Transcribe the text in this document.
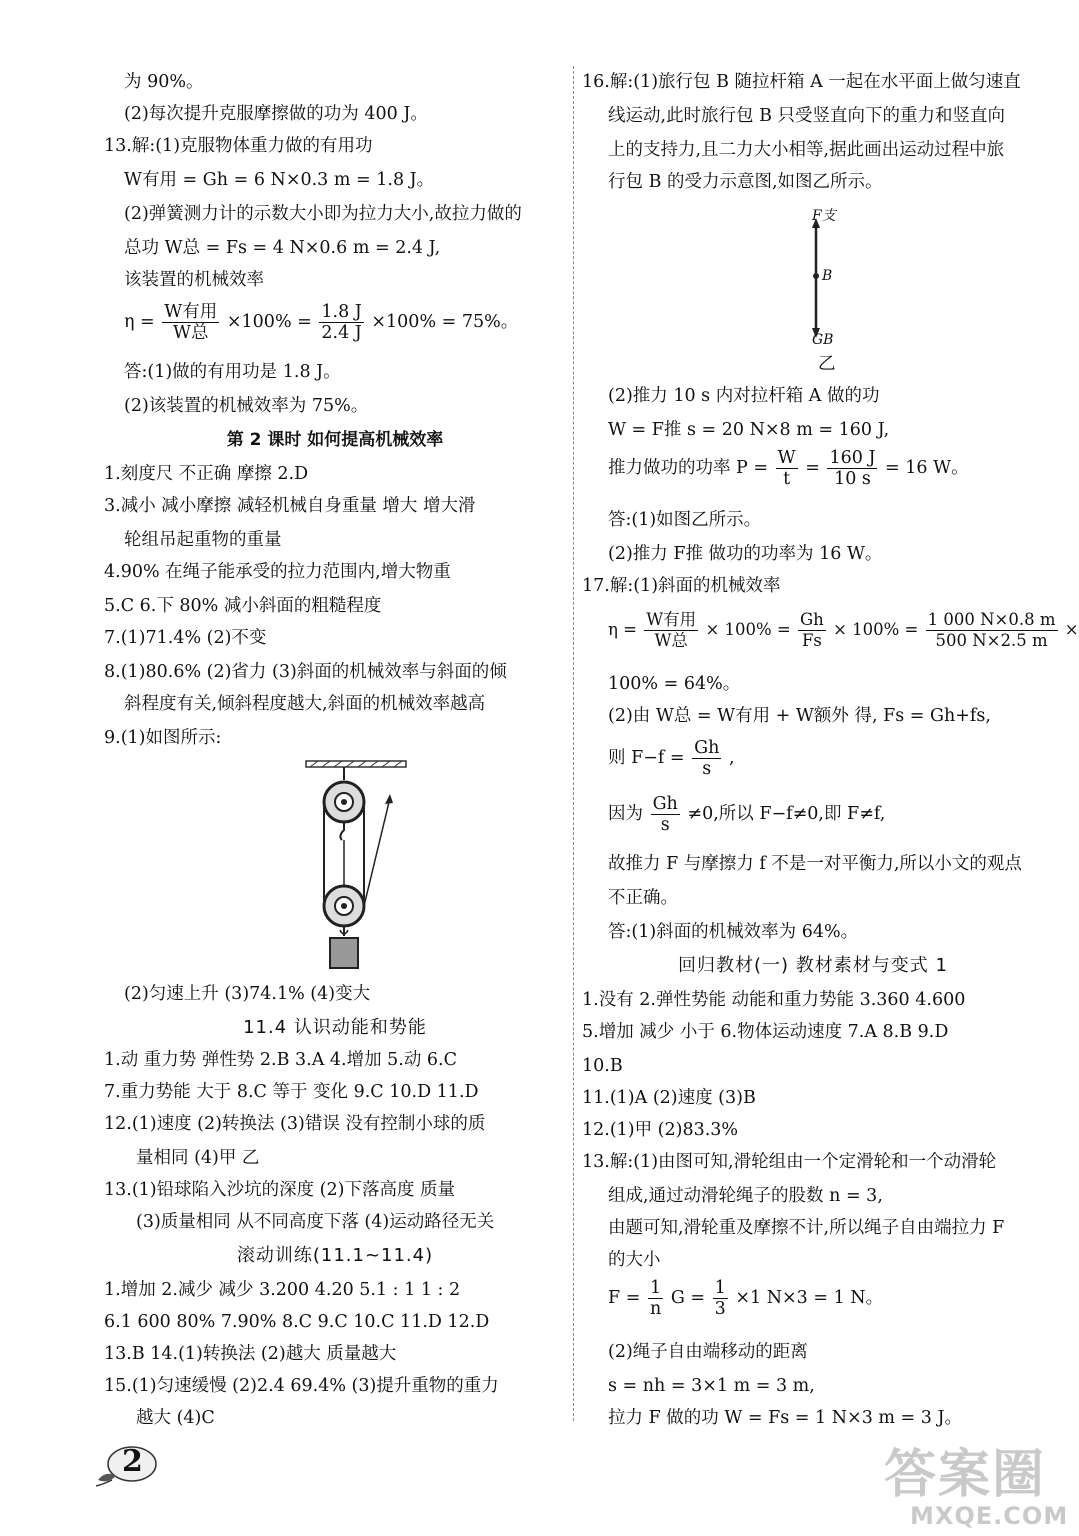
为 90%。
(2)每次提升克服摩擦做的功为 400 J。
13.解:(1)克服物体重力做的有用功
W有用 = Gh = 6 N×0.3 m = 1.8 J。
(2)弹簧测力计的示数大小即为拉力大小,故拉力做的
总功 W总 = Fs = 4 N×0.6 m = 2.4 J,
该装置的机械效率
$\eta = \frac{\text{W有用}}{\text{W总}} \times 100\% = \frac{1.8 J}{2.4 J} \times 100\% = 75\%$。
答:(1)做的有用功是 1.8 J。
(2)该装置的机械效率为 75%。
第 2 课时 如何提高机械效率
1.刻度尺 不正确 摩擦 2.D
3.减小 减小摩擦 减轻机械自身重量 增大 增大滑
轮组吊起重物的重量
4.90% 在绳子能承受的拉力范围内,增大物重
5.C 6.下 80% 减小斜面的粗糙程度
7.(1)71.4% (2)不变
8.(1)80.6% (2)省力 (3)斜面的机械效率与斜面的倾
斜程度有关,倾斜程度越大,斜面的机械效率越高
9.(1)如图所示:
(2)匀速上升 (3)74.1% (4)变大
11.4 认识动能和势能
1.动 重力势 弹性势 2.B 3.A 4.增加 5.动 6.C
7.重力势能 大于 8.C 等于 变化 9.C 10.D 11.D
12.(1)速度 (2)转换法 (3)错误 没有控制小球的质
量相同 (4)甲 乙
13.(1)铅球陷入沙坑的深度 (2)下落高度 质量
(3)质量相同 从不同高度下落 (4)运动路径无关
滚动训练(11.1~11.4)
1.增加 2.减少 减少 3.200 4.20 5.1 : 1 1 : 2
6.1 600 80% 7.90% 8.C 9.C 10.C 11.D 12.D
13.B 14.(1)转换法 (2)越大 质量越大
15.(1)匀速缓慢 (2)2.4 69.4% (3)提升重物的重力
越大 (4)C
16.解:(1)旅行包 B 随拉杆箱 A 一起在水平面上做匀速直
线运动,此时旅行包 B 只受竖直向下的重力和竖直向
上的支持力,且二力大小相等,据此画出运动过程中旅
行包 B 的受力示意图,如图乙所示。
F支
B
GB
乙
(2)推力 10 s 内对拉杆箱 A 做的功
W = F推 s = 20 N×8 m = 160 J,
推力做功的功率 $P = \frac{W}{t} = \frac{160 J}{10 s} = 16$ W。
答:(1)如图乙所示。
(2)推力 F推 做功的功率为 16 W。
17.解:(1)斜面的机械效率
$\eta = \frac{\text{W有用}}{\text{W总}} \times 100\% = \frac{Gh}{Fs} \times 100\% = \frac{1 000 N\times 0.8 m}{500 N\times 2.5 m}$ ×
100% = 64%。
(2)由 W总 = W有用 + W额外 得, Fs = Gh+fs,
则 $F-f = \frac{Gh}{s}$ ,
因为 $\frac{Gh}{s} \ne 0$,所以 F−f≠0,即 F≠f,
故推力 F 与摩擦力 f 不是一对平衡力,所以小文的观点
不正确。
答:(1)斜面的机械效率为 64%。
回归教材(一) 教材素材与变式 1
1.没有 2.弹性势能 动能和重力势能 3.360 4.600
5.增加 减少 小于 6.物体运动速度 7.A 8.B 9.D
10.B
11.(1)A (2)速度 (3)B
12.(1)甲 (2)83.3%
13.解:(1)由图可知,滑轮组由一个定滑轮和一个动滑轮
组成,通过动滑轮绳子的股数 n = 3,
由题可知,滑轮重及摩擦不计,所以绳子自由端拉力 F
的大小
$F = \frac{1}{n}$ $G = \frac{1}{3} \times 1$ N×3 = 1 N。
(2)绳子自由端移动的距离
s = nh = 3×1 m = 3 m,
拉力 F 做的功 W = Fs = 1 N×3 m = 3 J。
2	答案圈
MXQE.COM
